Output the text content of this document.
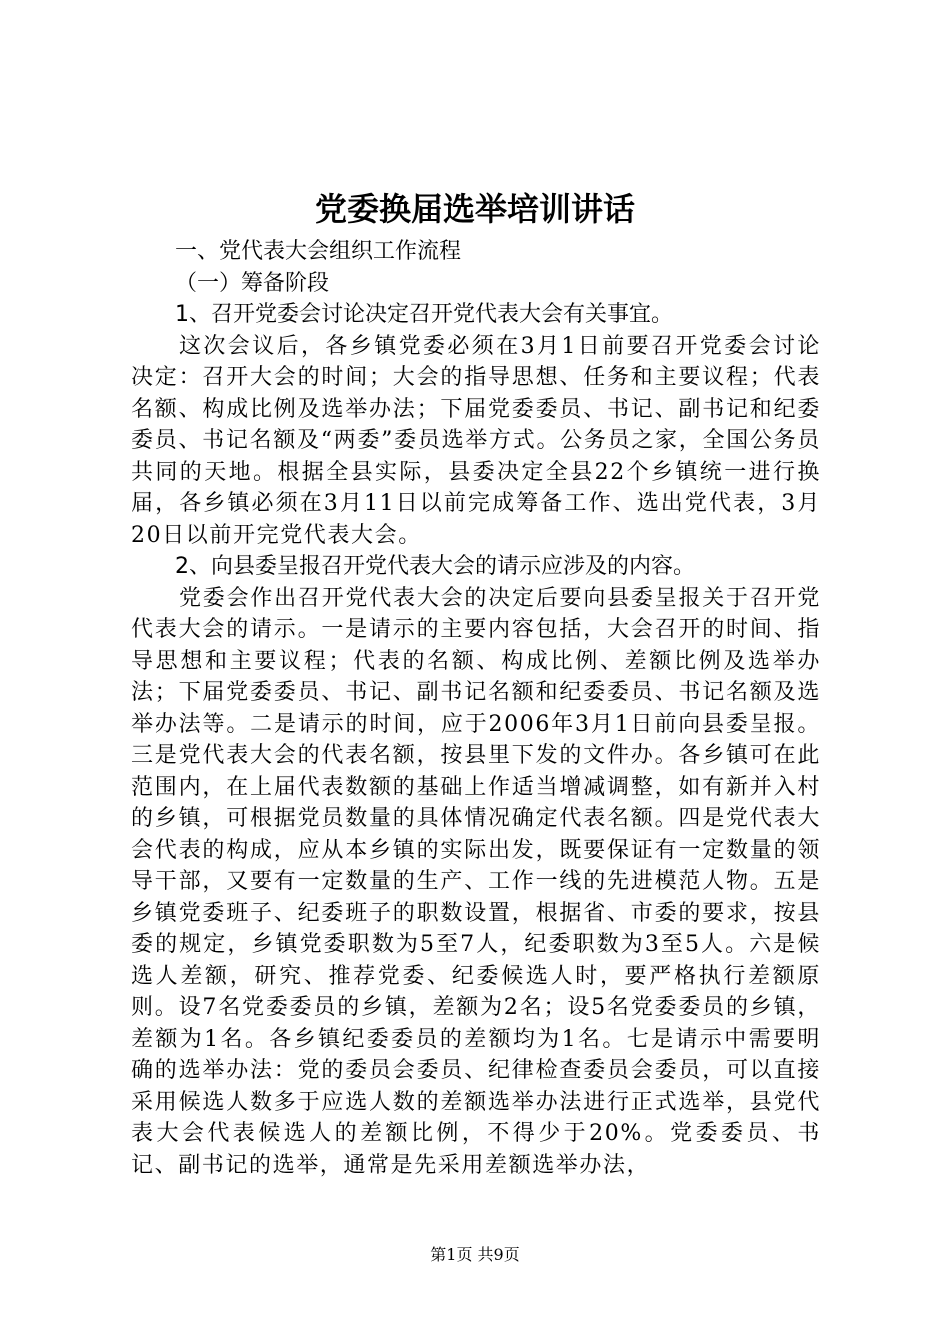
党委换届选举培训讲话

一、党代表大会组织工作流程

（一）筹备阶段

1、召开党委会讨论决定召开党代表大会有关事宜。

这次会议后，各乡镇党委必须在3月1日前要召开党委会讨论决定：召开大会的时间；大会的指导思想、任务和主要议程；代表名额、构成比例及选举办法；下届党委委员、书记、副书记和纪委委员、书记名额及“两委”委员选举方式。公务员之家，全国公务员共同的天地。根据全县实际，县委决定全县22个乡镇统一进行换届，各乡镇必须在3月11日以前完成筹备工作、选出党代表，3月20日以前开完党代表大会。

2、向县委呈报召开党代表大会的请示应涉及的内容。

党委会作出召开党代表大会的决定后要向县委呈报关于召开党代表大会的请示。一是请示的主要内容包括，大会召开的时间、指导思想和主要议程；代表的名额、构成比例、差额比例及选举办法；下届党委委员、书记、副书记名额和纪委委员、书记名额及选举办法等。二是请示的时间，应于2006年3月1日前向县委呈报。三是党代表大会的代表名额，按县里下发的文件办。各乡镇可在此范围内，在上届代表数额的基础上作适当增减调整，如有新并入村的乡镇，可根据党员数量的具体情况确定代表名额。四是党代表大会代表的构成，应从本乡镇的实际出发，既要保证有一定数量的领导干部，又要有一定数量的生产、工作一线的先进模范人物。五是乡镇党委班子、纪委班子的职数设置，根据省、市委的要求，按县委的规定，乡镇党委职数为5至7人，纪委职数为3至5人。六是候选人差额，研究、推荐党委、纪委候选人时，要严格执行差额原则。设7名党委委员的乡镇，差额为2名；设5名党委委员的乡镇，差额为1名。各乡镇纪委委员的差额均为1名。七是请示中需要明确的选举办法：党的委员会委员、纪律检查委员会委员，可以直接采用候选人数多于应选人数的差额选举办法进行正式选举，县党代表大会代表候选人的差额比例，不得少于20%。党委委员、书记、副书记的选举，通常是先采用差额选举办法，

第1页 共9页
